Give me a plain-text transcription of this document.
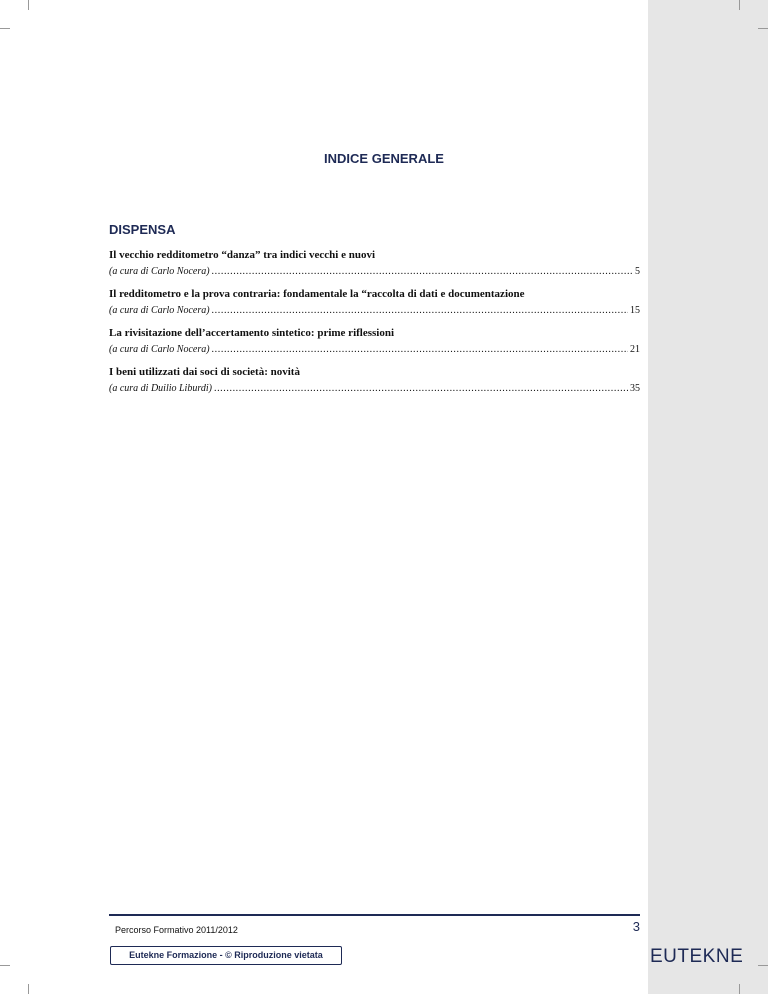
INDICE GENERALE
DISPENSA
Il vecchio redditometro “danza” tra indici vecchi e nuovi
(a cura di Carlo Nocera) .....	5
Il redditometro e la prova contraria: fondamentale la “raccolta di dati e documentazione
(a cura di Carlo Nocera) .....	15
La rivisitazione dell’accertamento sintetico: prime riflessioni
(a cura di Carlo Nocera) .....	21
I beni utilizzati dai soci di società: novità
(a cura di Duilio Liburdi) .....	35
Percorso Formativo 2011/2012	3
Eutekne Formazione - © Riproduzione vietata	EUTEKNE
